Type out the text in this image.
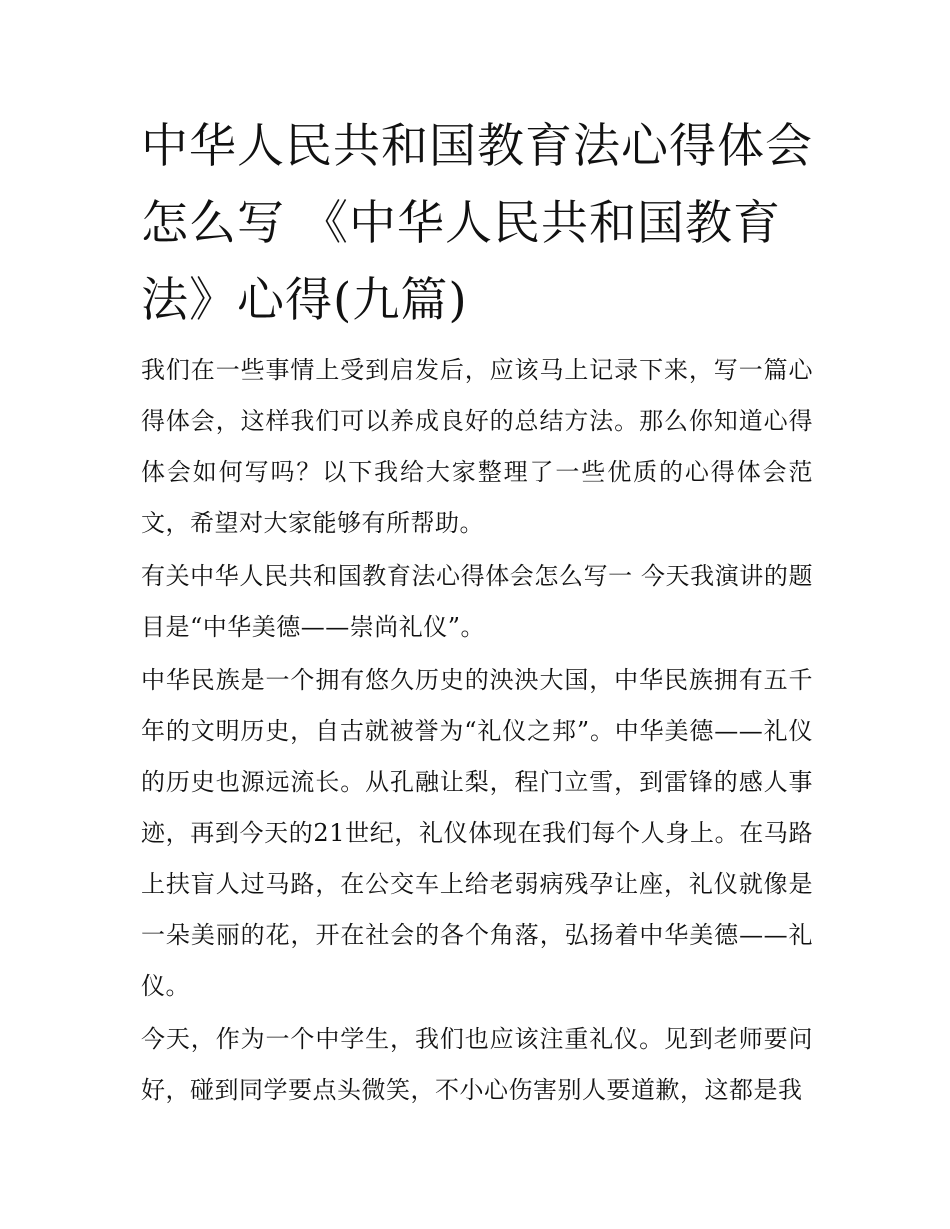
中华人民共和国教育法心得体会怎么写 《中华人民共和国教育法》心得(九篇)

我们在一些事情上受到启发后，应该马上记录下来，写一篇心得体会，这样我们可以养成良好的总结方法。那么你知道心得体会如何写吗？以下我给大家整理了一些优质的心得体会范文，希望对大家能够有所帮助。

有关中华人民共和国教育法心得体会怎么写一 今天我演讲的题目是“中华美德——崇尚礼仪”。

中华民族是一个拥有悠久历史的泱泱大国，中华民族拥有五千年的文明历史，自古就被誉为“礼仪之邦”。中华美德——礼仪的历史也源远流长。从孔融让梨，程门立雪，到雷锋的感人事迹，再到今天的21世纪，礼仪体现在我们每个人身上。在马路上扶盲人过马路，在公交车上给老弱病残孕让座，礼仪就像是一朵美丽的花，开在社会的各个角落，弘扬着中华美德——礼仪。

今天，作为一个中学生，我们也应该注重礼仪。见到老师要问好，碰到同学要点头微笑，不小心伤害别人要道歉，这都是我
